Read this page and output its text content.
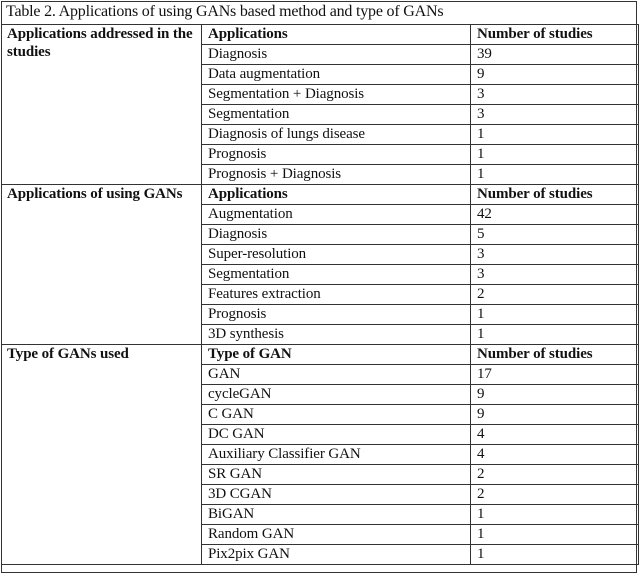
Table 2. Applications of using GANs based method and type of GANs
Applications addressed in the studies	Applications	Number of studies
	Diagnosis	39
	Data augmentation	9
	Segmentation + Diagnosis	3
	Segmentation	3
	Diagnosis of lungs disease	1
	Prognosis	1
	Prognosis + Diagnosis	1
Applications of using GANs	Applications	Number of studies
	Augmentation	42
	Diagnosis	5
	Super-resolution	3
	Segmentation	3
	Features extraction	2
	Prognosis	1
	3D synthesis	1
Type of GANs used	Type of GAN	Number of studies
	GAN	17
	cycleGAN	9
	C GAN	9
	DC GAN	4
	Auxiliary Classifier GAN	4
	SR GAN	2
	3D CGAN	2
	BiGAN	1
	Random GAN	1
	Pix2pix GAN	1
